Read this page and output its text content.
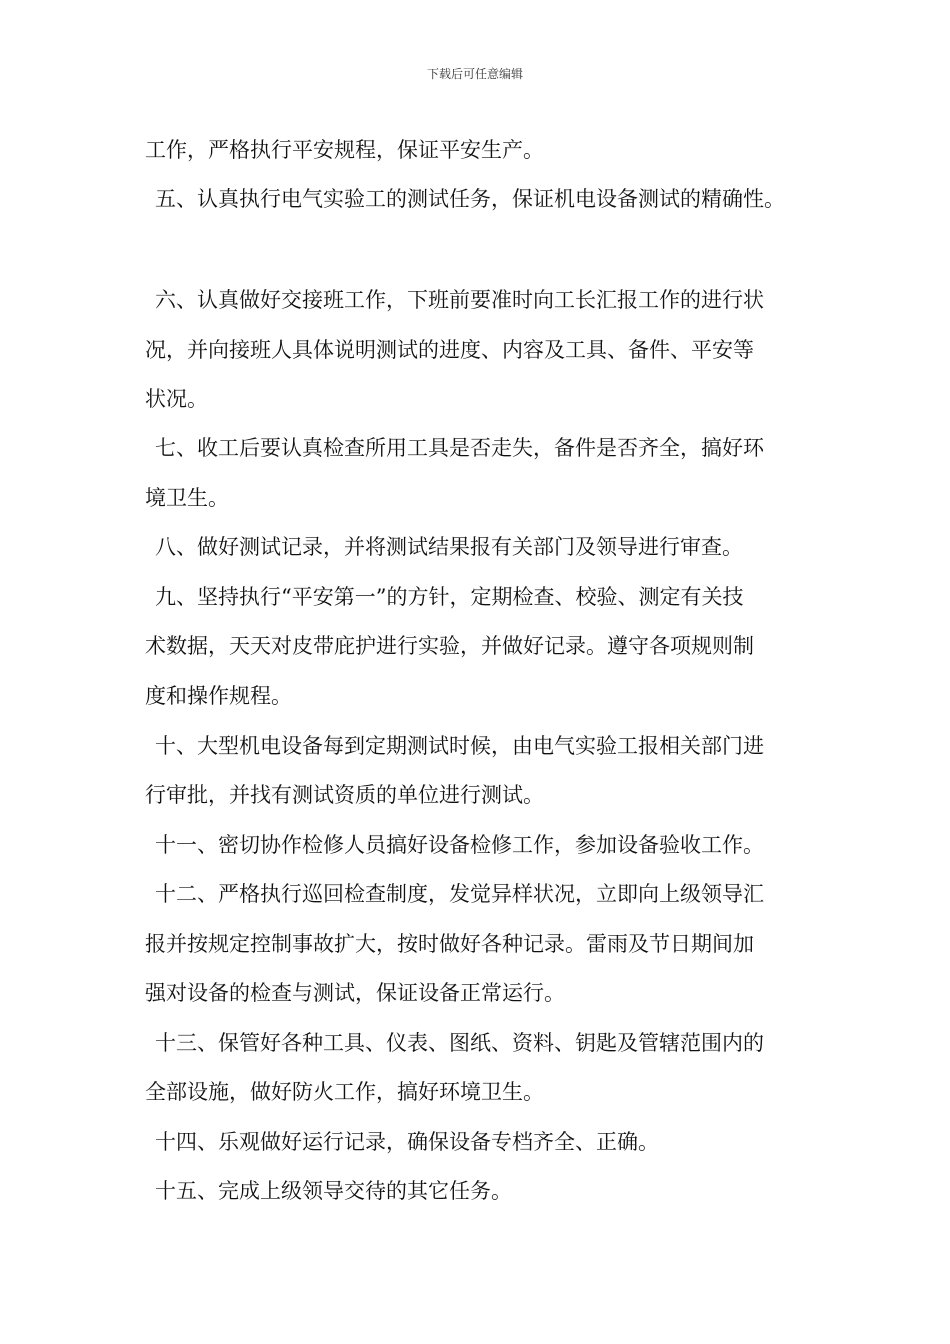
下载后可任意编辑
工作，严格执行平安规程，保证平安生产。
五、认真执行电气实验工的测试任务，保证机电设备测试的精确性。
六、认真做好交接班工作，下班前要准时向工长汇报工作的进行状
况，并向接班人具体说明测试的进度、内容及工具、备件、平安等
状况。
七、收工后要认真检查所用工具是否走失，备件是否齐全，搞好环
境卫生。
八、做好测试记录，并将测试结果报有关部门及领导进行审查。
九、坚持执行“平安第一”的方针，定期检查、校验、测定有关技
术数据，天天对皮带庇护进行实验，并做好记录。遵守各项规则制
度和操作规程。
十、大型机电设备每到定期测试时候，由电气实验工报相关部门进
行审批，并找有测试资质的单位进行测试。
十一、密切协作检修人员搞好设备检修工作，参加设备验收工作。
十二、严格执行巡回检查制度，发觉异样状况，立即向上级领导汇
报并按规定控制事故扩大，按时做好各种记录。雷雨及节日期间加
强对设备的检查与测试，保证设备正常运行。
十三、保管好各种工具、仪表、图纸、资料、钥匙及管辖范围内的
全部设施，做好防火工作，搞好环境卫生。
十四、乐观做好运行记录，确保设备专档齐全、正确。
十五、完成上级领导交待的其它任务。
